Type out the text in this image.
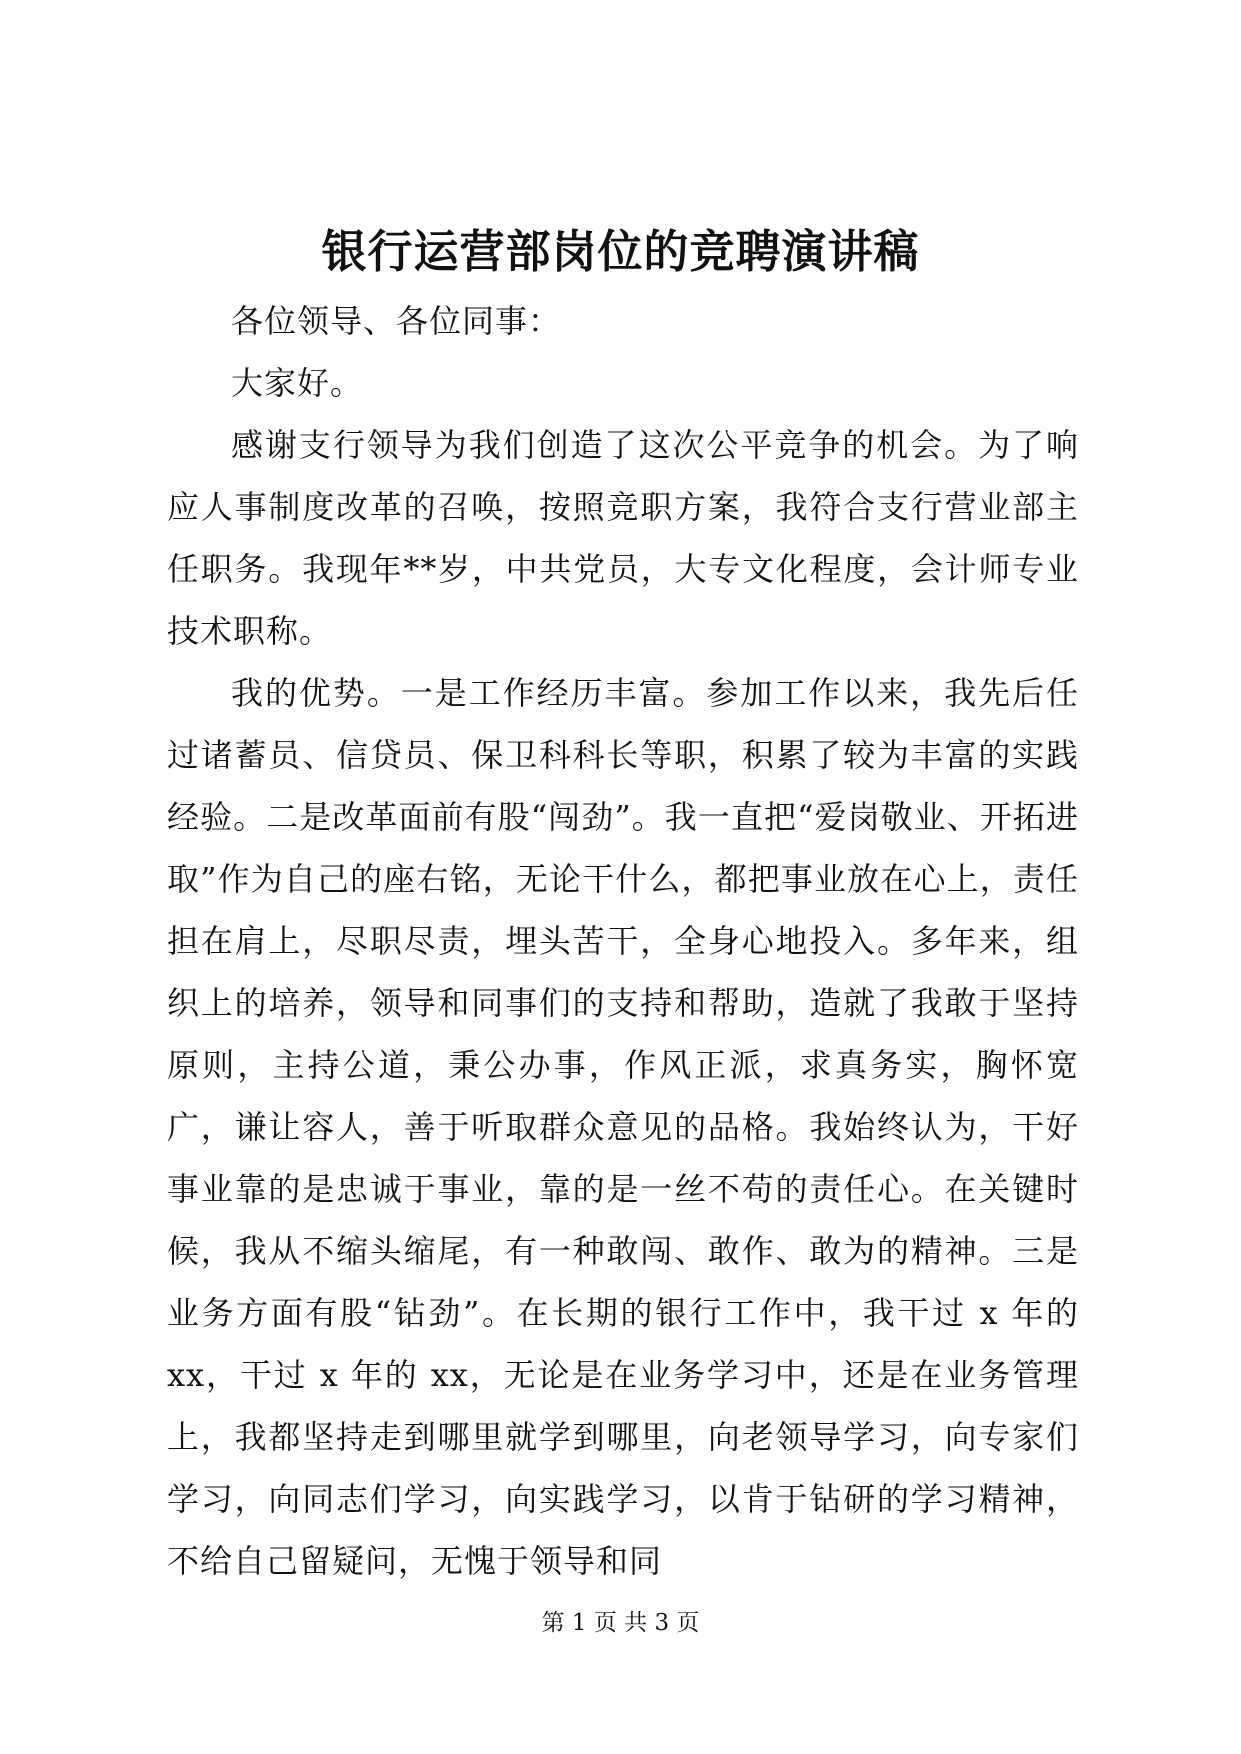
银行运营部岗位的竞聘演讲稿

各位领导、各位同事：

大家好。

感谢支行领导为我们创造了这次公平竞争的机会。为了响应人事制度改革的召唤，按照竞职方案，我符合支行营业部主任职务。我现年**岁，中共党员，大专文化程度，会计师专业技术职称。

我的优势。一是工作经历丰富。参加工作以来，我先后任过诸蓄员、信贷员、保卫科科长等职，积累了较为丰富的实践经验。二是改革面前有股“闯劲”。我一直把“爱岗敬业、开拓进取”作为自己的座右铭，无论干什么，都把事业放在心上，责任担在肩上，尽职尽责，埋头苦干，全身心地投入。多年来，组织上的培养，领导和同事们的支持和帮助，造就了我敢于坚持原则，主持公道，秉公办事，作风正派，求真务实，胸怀宽广，谦让容人，善于听取群众意见的品格。我始终认为，干好事业靠的是忠诚于事业，靠的是一丝不苟的责任心。在关键时候，我从不缩头缩尾，有一种敢闯、敢作、敢为的精神。三是业务方面有股“钻劲”。在长期的银行工作中，我干过 x 年的 xx，干过 x 年的 xx，无论是在业务学习中，还是在业务管理上，我都坚持走到哪里就学到哪里，向老领导学习，向专家们学习，向同志们学习，向实践学习，以肯于钻研的学习精神，不给自己留疑问，无愧于领导和同

第 1 页 共 3 页
